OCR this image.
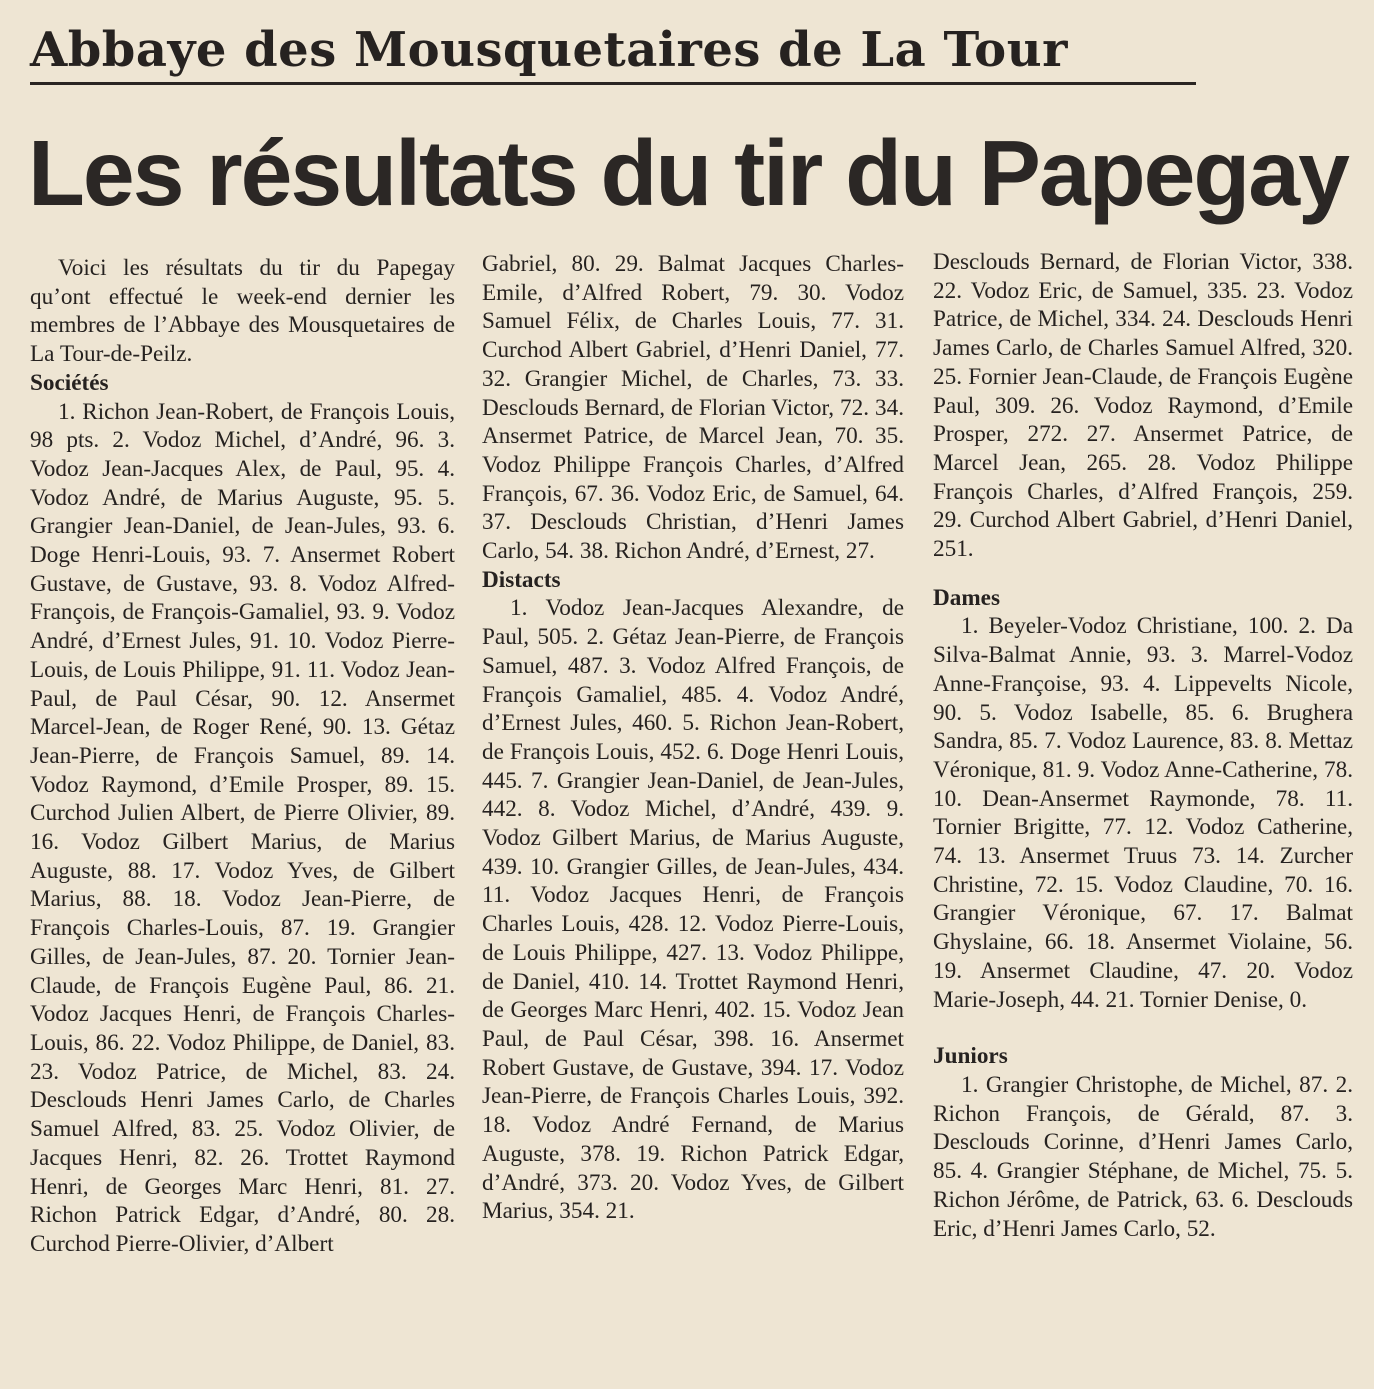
Abbaye des Mousquetaires de La Tour
Les résultats du tir du Papegay

Voici les résultats du tir du Papegay qu’ont effectué le week-end dernier les membres de l’Abbaye des Mousquetaires de La Tour-de-Peilz.

Sociétés

1. Richon Jean-Robert, de François Louis, 98 pts. 2. Vodoz Michel, d’André, 96. 3. Vodoz Jean-Jacques Alex, de Paul, 95. 4. Vodoz André, de Marius Auguste, 95. 5. Grangier Jean-Daniel, de Jean-Jules, 93. 6. Doge Henri-Louis, 93. 7. Ansermet Robert Gustave, de Gustave, 93. 8. Vodoz Alfred-François, de François-Gamaliel, 93. 9. Vodoz André, d’Ernest Jules, 91. 10. Vodoz Pierre-Louis, de Louis Philippe, 91. 11. Vodoz Jean-Paul, de Paul César, 90. 12. Ansermet Marcel-Jean, de Roger René, 90. 13. Gétaz Jean-Pierre, de François Samuel, 89. 14. Vodoz Raymond, d’Emile Prosper, 89. 15. Curchod Julien Albert, de Pierre Olivier, 89. 16. Vodoz Gilbert Marius, de Marius Auguste, 88. 17. Vodoz Yves, de Gilbert Marius, 88. 18. Vodoz Jean-Pierre, de François Charles-Louis, 87. 19. Grangier Gilles, de Jean-Jules, 87. 20. Tornier Jean-Claude, de François Eugène Paul, 86. 21. Vodoz Jacques Henri, de François Charles-Louis, 86. 22. Vodoz Philippe, de Daniel, 83. 23. Vodoz Patrice, de Michel, 83. 24. Desclouds Henri James Carlo, de Charles Samuel Alfred, 83. 25. Vodoz Olivier, de Jacques Henri, 82. 26. Trottet Raymond Henri, de Georges Marc Henri, 81. 27. Richon Patrick Edgar, d’André, 80. 28. Curchod Pierre-Olivier, d’Albert

Gabriel, 80. 29. Balmat Jacques Charles-Emile, d’Alfred Robert, 79. 30. Vodoz Samuel Félix, de Charles Louis, 77. 31. Curchod Albert Gabriel, d’Henri Daniel, 77. 32. Grangier Michel, de Charles, 73. 33. Desclouds Bernard, de Florian Victor, 72. 34. Ansermet Patrice, de Marcel Jean, 70. 35. Vodoz Philippe François Charles, d’Alfred François, 67. 36. Vodoz Eric, de Samuel, 64. 37. Desclouds Christian, d’Henri James Carlo, 54. 38. Richon André, d’Ernest, 27.

Distacts

1. Vodoz Jean-Jacques Alexandre, de Paul, 505. 2. Gétaz Jean-Pierre, de François Samuel, 487. 3. Vodoz Alfred François, de François Gamaliel, 485. 4. Vodoz André, d’Ernest Jules, 460. 5. Richon Jean-Robert, de François Louis, 452. 6. Doge Henri Louis, 445. 7. Grangier Jean-Daniel, de Jean-Jules, 442. 8. Vodoz Michel, d’André, 439. 9. Vodoz Gilbert Marius, de Marius Auguste, 439. 10. Grangier Gilles, de Jean-Jules, 434. 11. Vodoz Jacques Henri, de François Charles Louis, 428. 12. Vodoz Pierre-Louis, de Louis Philippe, 427. 13. Vodoz Philippe, de Daniel, 410. 14. Trottet Raymond Henri, de Georges Marc Henri, 402. 15. Vodoz Jean Paul, de Paul César, 398. 16. Ansermet Robert Gustave, de Gustave, 394. 17. Vodoz Jean-Pierre, de François Charles Louis, 392. 18. Vodoz André Fernand, de Marius Auguste, 378. 19. Richon Patrick Edgar, d’André, 373. 20. Vodoz Yves, de Gilbert Marius, 354. 21.

Desclouds Bernard, de Florian Victor, 338. 22. Vodoz Eric, de Samuel, 335. 23. Vodoz Patrice, de Michel, 334. 24. Desclouds Henri James Carlo, de Charles Samuel Alfred, 320. 25. Fornier Jean-Claude, de François Eugène Paul, 309. 26. Vodoz Raymond, d’Emile Prosper, 272. 27. Ansermet Patrice, de Marcel Jean, 265. 28. Vodoz Philippe François Charles, d’Alfred François, 259. 29. Curchod Albert Gabriel, d’Henri Daniel, 251.

Dames

1. Beyeler-Vodoz Christiane, 100. 2. Da Silva-Balmat Annie, 93. 3. Marrel-Vodoz Anne-Françoise, 93. 4. Lippevelts Nicole, 90. 5. Vodoz Isabelle, 85. 6. Brughera Sandra, 85. 7. Vodoz Laurence, 83. 8. Mettaz Véronique, 81. 9. Vodoz Anne-Catherine, 78. 10. Dean-Ansermet Raymonde, 78. 11. Tornier Brigitte, 77. 12. Vodoz Catherine, 74. 13. Ansermet Truus 73. 14. Zurcher Christine, 72. 15. Vodoz Claudine, 70. 16. Grangier Véronique, 67. 17. Balmat Ghyslaine, 66. 18. Ansermet Violaine, 56. 19. Ansermet Claudine, 47. 20. Vodoz Marie-Joseph, 44. 21. Tornier Denise, 0.

Juniors

1. Grangier Christophe, de Michel, 87. 2. Richon François, de Gérald, 87. 3. Desclouds Corinne, d’Henri James Carlo, 85. 4. Grangier Stéphane, de Michel, 75. 5. Richon Jérôme, de Patrick, 63. 6. Desclouds Eric, d’Henri James Carlo, 52.
